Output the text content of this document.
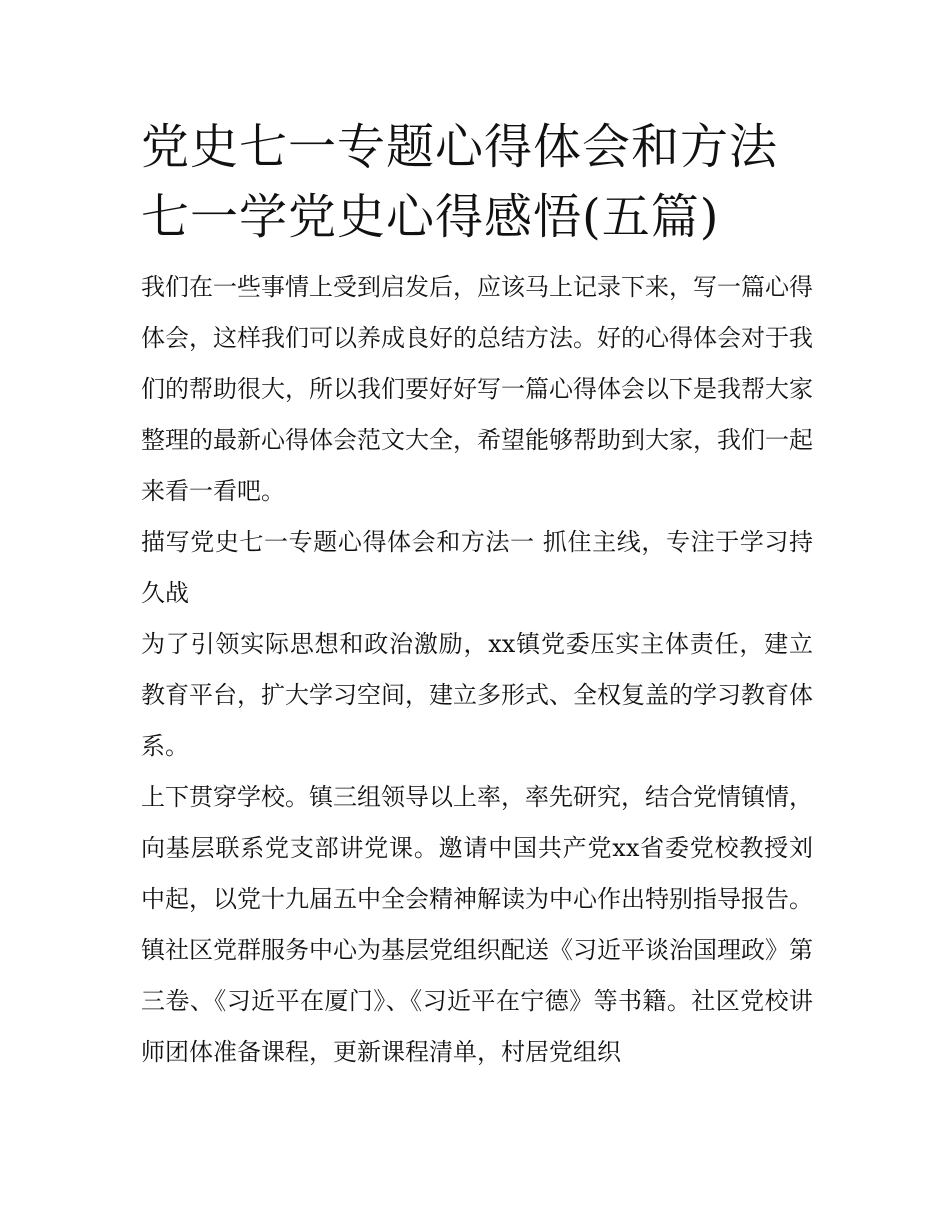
党史七一专题心得体会和方法七一学党史心得感悟(五篇)

我们在一些事情上受到启发后，应该马上记录下来，写一篇心得体会，这样我们可以养成良好的总结方法。好的心得体会对于我们的帮助很大，所以我们要好好写一篇心得体会以下是我帮大家整理的最新心得体会范文大全，希望能够帮助到大家，我们一起来看一看吧。

描写党史七一专题心得体会和方法一 抓住主线，专注于学习持久战

为了引领实际思想和政治激励，xx镇党委压实主体责任，建立教育平台，扩大学习空间，建立多形式、全权复盖的学习教育体系。

上下贯穿学校。镇三组领导以上率，率先研究，结合党情镇情，向基层联系党支部讲党课。邀请中国共产党xx省委党校教授刘中起，以党十九届五中全会精神解读为中心作出特别指导报告。镇社区党群服务中心为基层党组织配送《习近平谈治国理政》第三卷、《习近平在厦门》、《习近平在宁德》等书籍。社区党校讲师团体准备课程，更新课程清单，村居党组织
